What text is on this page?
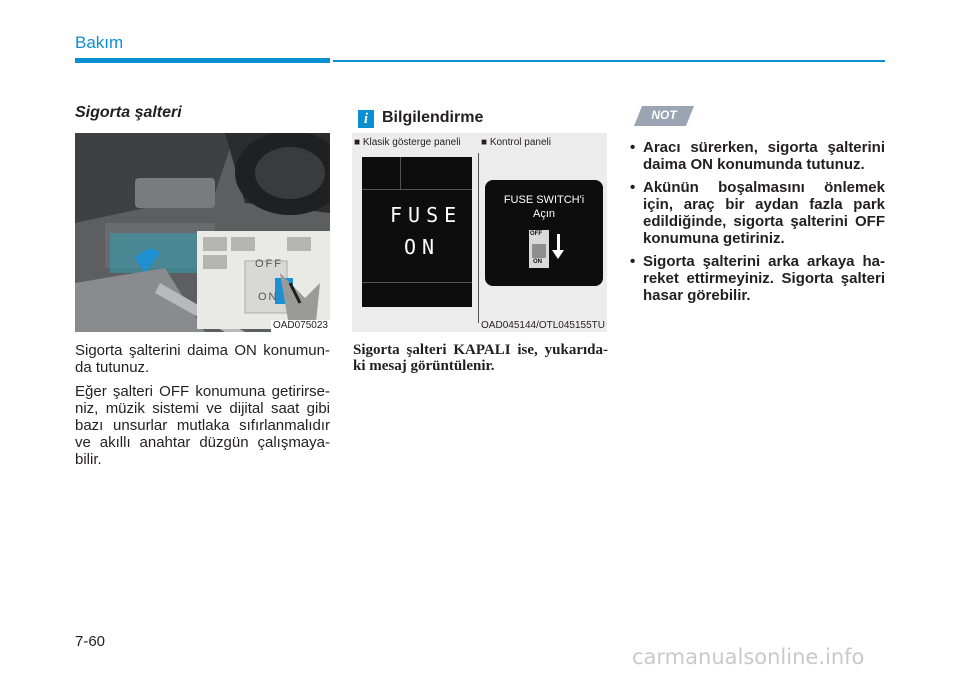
Bakım
Sigorta şalteri
OFF
ON
OAD075023

Sigorta şalterini daima ON konumun-da tutunuz.

Eğer şalteri OFF konumuna getirirse-niz, müzik sistemi ve dijital saat gibi bazı unsurlar mutlaka sıfırlanmalıdır ve akıllı anahtar düzgün çalışmaya-bilir.

i Bilgilendirme
■ Klasik gösterge paneli ■ Kontrol paneli
FUSE
ON
FUSE SWITCH'i
Açın
OFF
ON
OAD045144/OTL045155TU
Sigorta şalteri KAPALI ise, yukarıda-ki mesaj görüntülenir.
NOT
• Aracı sürerken, sigorta şalterini daima ON konumunda tutunuz.
• Akünün boşalmasını önlemek için, araç bir aydan fazla park edildiğinde, sigorta şalterini OFF konumuna getiriniz.
• Sigorta şalterini arka arkaya ha-reket ettirmeyiniz. Sigorta şalteri hasar görebilir.
7-60
carmanualsonline.info
